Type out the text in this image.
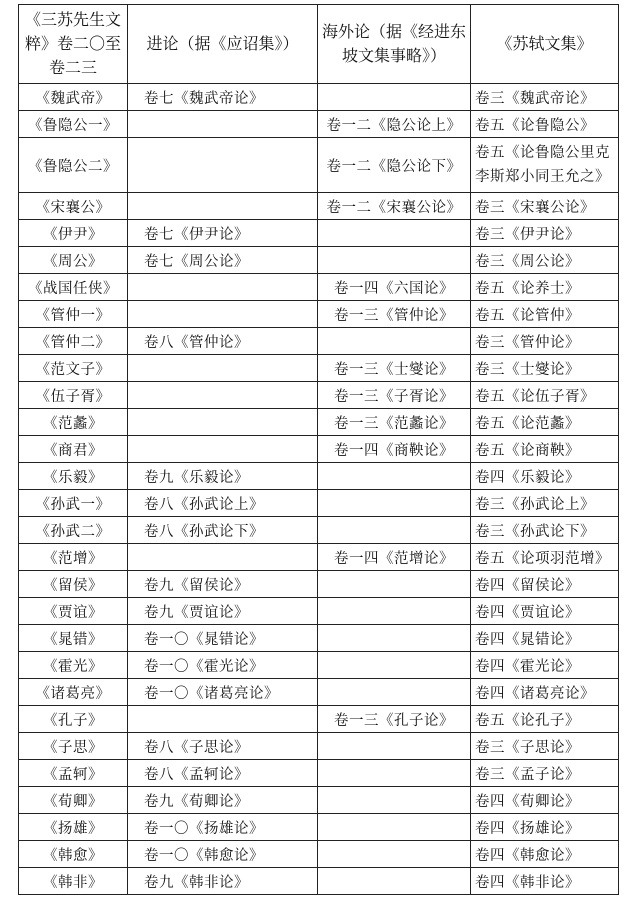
《三苏先生文粹》卷二〇至卷二三	进论（据《应诏集》）	海外论（据《经进东坡文集事略》）	《苏轼文集》
《魏武帝》	卷七《魏武帝论》		卷三《魏武帝论》
《鲁隐公一》		卷一二《隐公论上》	卷五《论鲁隐公》
《鲁隐公二》		卷一二《隐公论下》	卷五《论鲁隐公里克李斯郑小同王允之》
《宋襄公》		卷一二《宋襄公论》	卷三《宋襄公论》
《伊尹》	卷七《伊尹论》		卷三《伊尹论》
《周公》	卷七《周公论》		卷三《周公论》
《战国任侠》		卷一四《六国论》	卷五《论养士》
《管仲一》		卷一三《管仲论》	卷五《论管仲》
《管仲二》	卷八《管仲论》		卷三《管仲论》
《范文子》		卷一三《士燮论》	卷三《士燮论》
《伍子胥》		卷一三《子胥论》	卷五《论伍子胥》
《范蠡》		卷一三《范蠡论》	卷五《论范蠡》
《商君》		卷一四《商鞅论》	卷五《论商鞅》
《乐毅》	卷九《乐毅论》		卷四《乐毅论》
《孙武一》	卷八《孙武论上》		卷三《孙武论上》
《孙武二》	卷八《孙武论下》		卷三《孙武论下》
《范增》		卷一四《范增论》	卷五《论项羽范增》
《留侯》	卷九《留侯论》		卷四《留侯论》
《贾谊》	卷九《贾谊论》		卷四《贾谊论》
《晁错》	卷一〇《晁错论》		卷四《晁错论》
《霍光》	卷一〇《霍光论》		卷四《霍光论》
《诸葛亮》	卷一〇《诸葛亮论》		卷四《诸葛亮论》
《孔子》		卷一三《孔子论》	卷五《论孔子》
《子思》	卷八《子思论》		卷三《子思论》
《孟轲》	卷八《孟轲论》		卷三《孟子论》
《荀卿》	卷九《荀卿论》		卷四《荀卿论》
《扬雄》	卷一〇《扬雄论》		卷四《扬雄论》
《韩愈》	卷一〇《韩愈论》		卷四《韩愈论》
《韩非》	卷九《韩非论》		卷四《韩非论》
